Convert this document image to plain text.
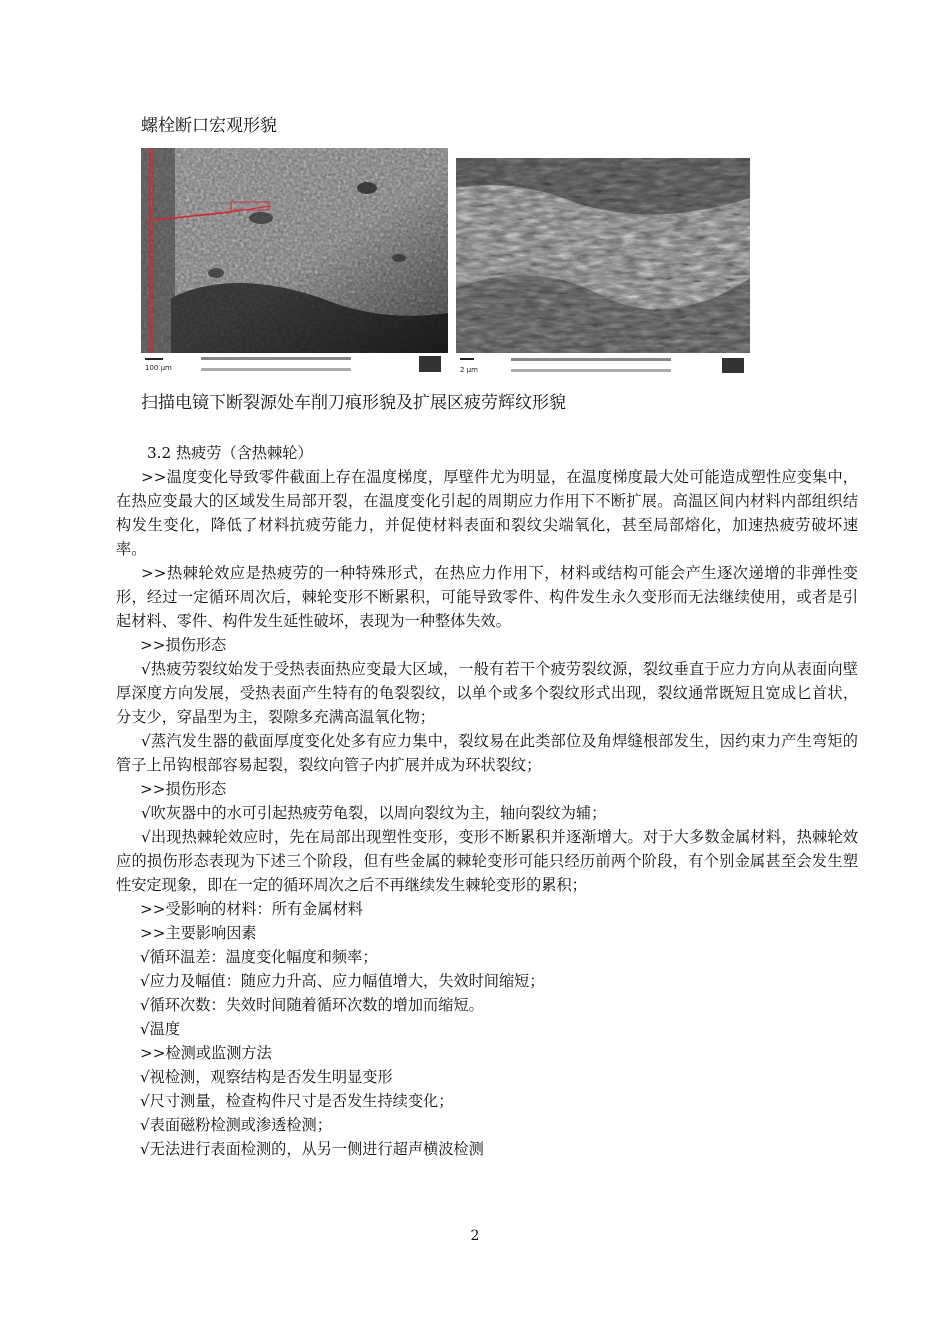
螺栓断口宏观形貌
100 μm	2 μm
扫描电镜下断裂源处车削刀痕形貌及扩展区疲劳辉纹形貌

3.2 热疲劳（含热棘轮）

>>温度变化导致零件截面上存在温度梯度，厚壁件尤为明显，在温度梯度最大处可能造成塑性应变集中，在热应变最大的区域发生局部开裂，在温度变化引起的周期应力作用下不断扩展。高温区间内材料内部组织结构发生变化，降低了材料抗疲劳能力，并促使材料表面和裂纹尖端氧化，甚至局部熔化，加速热疲劳破坏速率。

>>热棘轮效应是热疲劳的一种特殊形式，在热应力作用下，材料或结构可能会产生逐次递增的非弹性变形，经过一定循环周次后，棘轮变形不断累积，可能导致零件、构件发生永久变形而无法继续使用，或者是引起材料、零件、构件发生延性破坏，表现为一种整体失效。

>>损伤形态

√热疲劳裂纹始发于受热表面热应变最大区域，一般有若干个疲劳裂纹源，裂纹垂直于应力方向从表面向壁厚深度方向发展，受热表面产生特有的龟裂裂纹，以单个或多个裂纹形式出现，裂纹通常既短且宽成匕首状，分支少，穿晶型为主，裂隙多充满高温氧化物；

√蒸汽发生器的截面厚度变化处多有应力集中，裂纹易在此类部位及角焊缝根部发生，因约束力产生弯矩的管子上吊钩根部容易起裂，裂纹向管子内扩展并成为环状裂纹；

>>损伤形态

√吹灰器中的水可引起热疲劳龟裂，以周向裂纹为主，轴向裂纹为辅；

√出现热棘轮效应时，先在局部出现塑性变形，变形不断累积并逐渐增大。对于大多数金属材料，热棘轮效应的损伤形态表现为下述三个阶段，但有些金属的棘轮变形可能只经历前两个阶段，有个别金属甚至会发生塑性安定现象，即在一定的循环周次之后不再继续发生棘轮变形的累积；

>>受影响的材料：所有金属材料

>>主要影响因素

√循环温差：温度变化幅度和频率；

√应力及幅值：随应力升高、应力幅值增大，失效时间缩短；

√循环次数：失效时间随着循环次数的增加而缩短。

√温度

>>检测或监测方法

√视检测，观察结构是否发生明显变形

√尺寸测量，检查构件尺寸是否发生持续变化；

√表面磁粉检测或渗透检测；

√无法进行表面检测的，从另一侧进行超声横波检测

2
